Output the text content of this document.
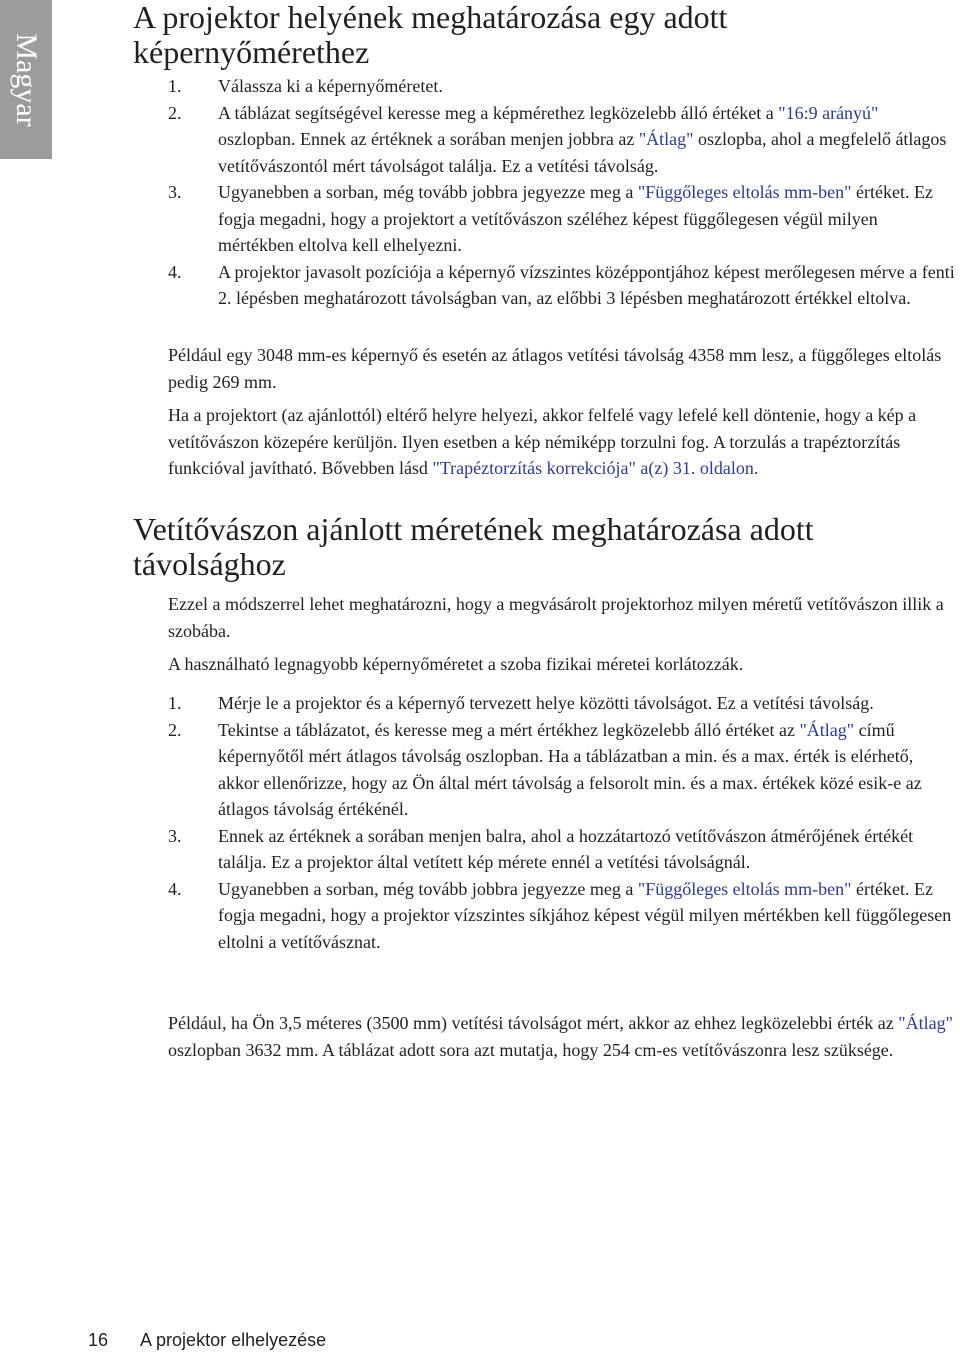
Magyar
A projektor helyének meghatározása egy adott képernyőmérethez
1. Válassza ki a képernyőméretet.
2. A táblázat segítségével keresse meg a képmérethez legközelebb álló értéket a "16:9 arányú" oszlopban. Ennek az értéknek a sorában menjen jobbra az "Átlag" oszlopba, ahol a megfelelő átlagos vetítővászontól mért távolságot találja. Ez a vetítési távolság.
3. Ugyanebben a sorban, még tovább jobbra jegyezze meg a "Függőleges eltolás mm-ben" értéket. Ez fogja megadni, hogy a projektort a vetítővászon széléhez képest függőlegesen végül milyen mértékben eltolva kell elhelyezni.
4. A projektor javasolt pozíciója a képernyő vízszintes középpontjához képest merőlegesen mérve a fenti 2. lépésben meghatározott távolságban van, az előbbi 3 lépésben meghatározott értékkel eltolva.

Például egy 3048 mm-es képernyő és esetén az átlagos vetítési távolság 4358 mm lesz, a függőleges eltolás pedig 269 mm.

Ha a projektort (az ajánlottól) eltérő helyre helyezi, akkor felfelé vagy lefelé kell döntenie, hogy a kép a vetítővászon közepére kerüljön. Ilyen esetben a kép némiképp torzulni fog. A torzulás a trapéztorzítás funkcióval javítható. Bővebben lásd "Trapéztorzítás korrekciója" a(z) 31. oldalon.

Vetítővászon ajánlott méretének meghatározása adott távolsághoz

Ezzel a módszerrel lehet meghatározni, hogy a megvásárolt projektorhoz milyen méretű vetítővászon illik a szobába.

A használható legnagyobb képernyőméretet a szoba fizikai méretei korlátozzák.

1. Mérje le a projektor és a képernyő tervezett helye közötti távolságot. Ez a vetítési távolság.
2. Tekintse a táblázatot, és keresse meg a mért értékhez legközelebb álló értéket az "Átlag" című képernyőtől mért átlagos távolság oszlopban. Ha a táblázatban a min. és a max. érték is elérhető, akkor ellenőrizze, hogy az Ön által mért távolság a felsorolt min. és a max. értékek közé esik-e az átlagos távolság értékénél.
3. Ennek az értéknek a sorában menjen balra, ahol a hozzátartozó vetítővászon átmérőjének értékét találja. Ez a projektor által vetített kép mérete ennél a vetítési távolságnál.
4. Ugyanebben a sorban, még tovább jobbra jegyezze meg a "Függőleges eltolás mm-ben" értéket. Ez fogja megadni, hogy a projektor vízszintes síkjához képest végül milyen mértékben kell függőlegesen eltolni a vetítővásznat.

Például, ha Ön 3,5 méteres (3500 mm) vetítési távolságot mért, akkor az ehhez legközelebbi érték az "Átlag" oszlopban 3632 mm. A táblázat adott sora azt mutatja, hogy 254 cm-es vetítővászonra lesz szüksége.

16 A projektor elhelyezése
